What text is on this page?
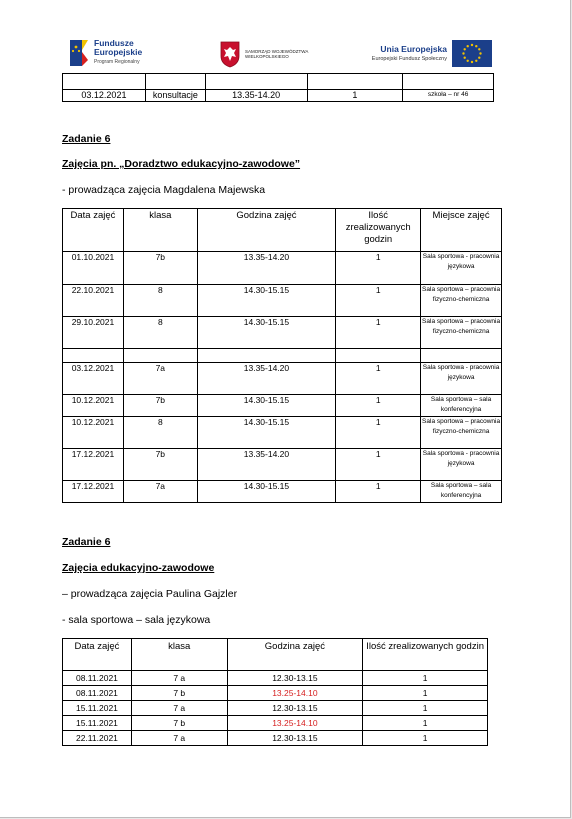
Fundusze
Europejskie
Program Regionalny
SAMORZĄD WOJEWÓDZTWA
WIELKOPOLSKIEGO
Unia Europejska
Europejski Fundusz Społeczny

03.12.2021	konsultacje	13.35-14.20	1	szkoła – nr 46
Zadanie 6
Zajęcia pn. „Doradztwo edukacyjno-zawodowe”
- prowadząca zajęcia Magdalena Majewska
Data zajęć	klasa	Godzina zajęć	Ilość zrealizowanych godzin	Miejsce zajęć
01.10.2021	7b	13.35-14.20	1	Sala sportowa - pracownia językowa
22.10.2021	8	14.30-15.15	1	Sala sportowa – pracownia fizyczno-chemiczna
29.10.2021	8	14.30-15.15	1	Sala sportowa – pracownia fizyczno-chemiczna

03.12.2021	7a	13.35-14.20	1	Sala sportowa - pracownia językowa
10.12.2021	7b	14.30-15.15	1	Sala sportowa – sala konferencyjna
10.12.2021	8	14.30-15.15	1	Sala sportowa – pracownia fizyczno-chemiczna
17.12.2021	7b	13.35-14.20	1	Sala sportowa - pracownia językowa
17.12.2021	7a	14.30-15.15	1	Sala sportowa – sala konferencyjna
Zadanie 6
Zajęcia edukacyjno-zawodowe
– prowadząca zajęcia Paulina Gajzler
- sala sportowa – sala językowa
Data zajęć	klasa	Godzina zajęć	Ilość zrealizowanych godzin
08.11.2021	7 a	12.30-13.15	1
08.11.2021	7 b	13.25-14.10	1
15.11.2021	7 a	12.30-13.15	1
15.11.2021	7 b	13.25-14.10	1
22.11.2021	7 a	12.30-13.15	1
